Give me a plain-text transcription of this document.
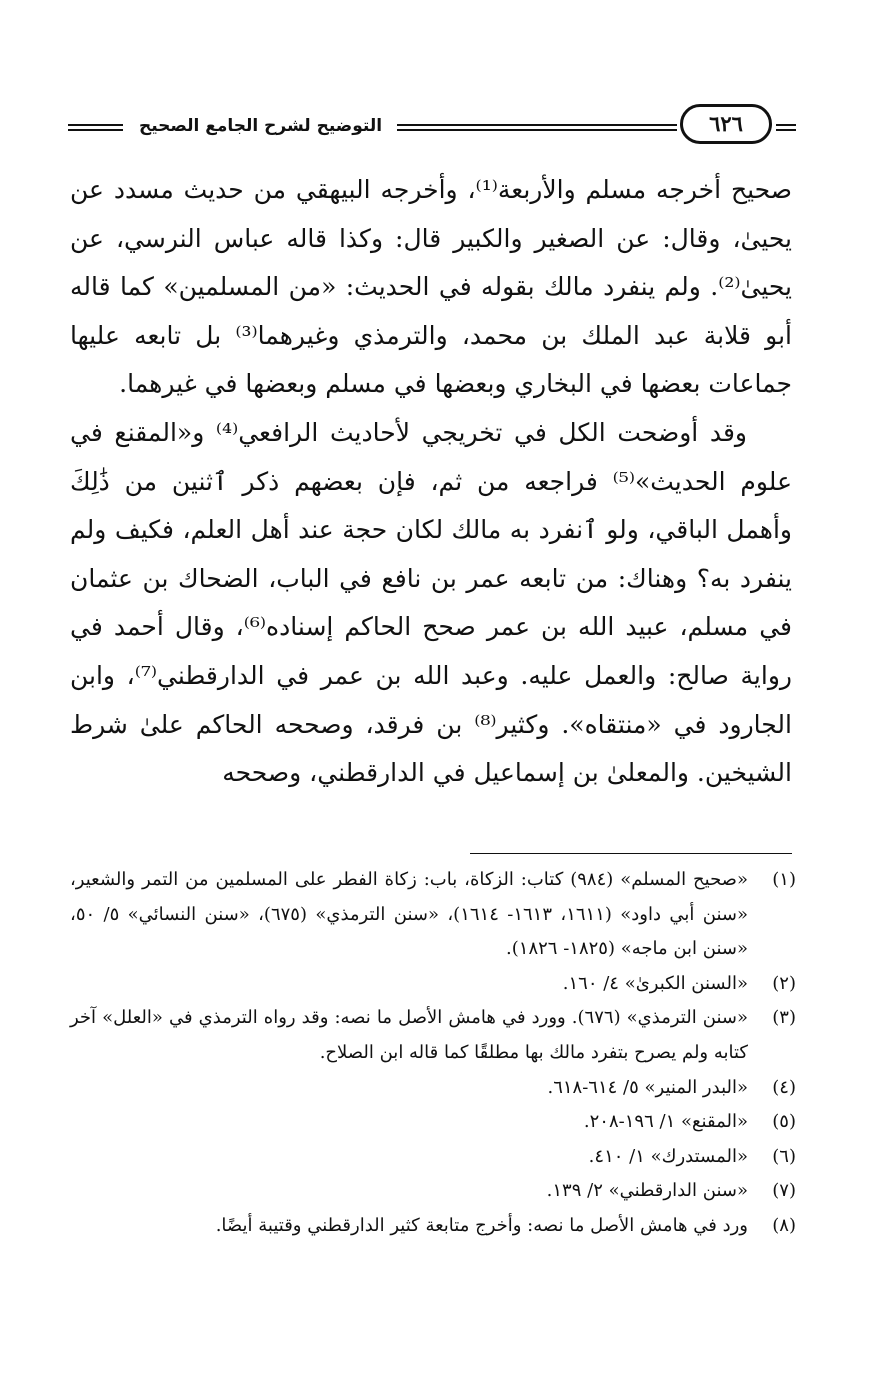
التوضيح لشرح الجامع الصحيح	٦٢٦

صحيح أخرجه مسلم والأربعة⁽¹⁾، وأخرجه البيهقي من حديث مسدد عن يحيىٰ، وقال: عن الصغير والكبير قال: وكذا قاله عباس النرسي، عن يحيىٰ⁽²⁾. ولم ينفرد مالك بقوله في الحديث: «من المسلمين» كما قاله أبو قلابة عبد الملك بن محمد، والترمذي وغيرهما⁽³⁾ بل تابعه عليها جماعات بعضها في البخاري وبعضها في مسلم وبعضها في غيرهما.

وقد أوضحت الكل في تخريجي لأحاديث الرافعي⁽⁴⁾ و«المقنع في علوم الحديث»⁽⁵⁾ فراجعه من ثم، فإن بعضهم ذكر ٱثنين من ذَٰلِكَ وأهمل الباقي، ولو ٱنفرد به مالك لكان حجة عند أهل العلم، فكيف ولم ينفرد به؟ وهناك: من تابعه عمر بن نافع في الباب، الضحاك بن عثمان في مسلم، عبيد الله بن عمر صحح الحاكم إسناده⁽⁶⁾، وقال أحمد في رواية صالح: والعمل عليه. وعبد الله بن عمر في الدارقطني⁽⁷⁾، وابن الجارود في «منتقاه». وكثير⁽⁸⁾ بن فرقد، وصححه الحاكم علىٰ شرط الشيخين. والمعلىٰ بن إسماعيل في الدارقطني، وصححه

(١)
«صحيح المسلم» (٩٨٤) كتاب: الزكاة، باب: زكاة الفطر على المسلمين من التمر والشعير، «سنن أبي داود» (١٦١١، ١٦١٣- ١٦١٤)، «سنن الترمذي» (٦٧٥)، «سنن النسائي» ٥/ ٥٠، «سنن ابن ماجه» (١٨٢٥- ١٨٢٦).
(٢)
«السنن الكبرىٰ» ٤/ ١٦٠.
(٣)
«سنن الترمذي» (٦٧٦). وورد في هامش الأصل ما نصه: وقد رواه الترمذي في «العلل» آخر كتابه ولم يصرح بتفرد مالك بها مطلقًا كما قاله ابن الصلاح.
(٤)
«البدر المنير» ٥/ ٦١٤-٦١٨.
(٥)
«المقنع» ١/ ١٩٦-٢٠٨.
(٦)
«المستدرك» ١/ ٤١٠.
(٧)
«سنن الدارقطني» ٢/ ١٣٩.
(٨)
ورد في هامش الأصل ما نصه: وأخرج متابعة كثير الدارقطني وقتيبة أيضًا.
